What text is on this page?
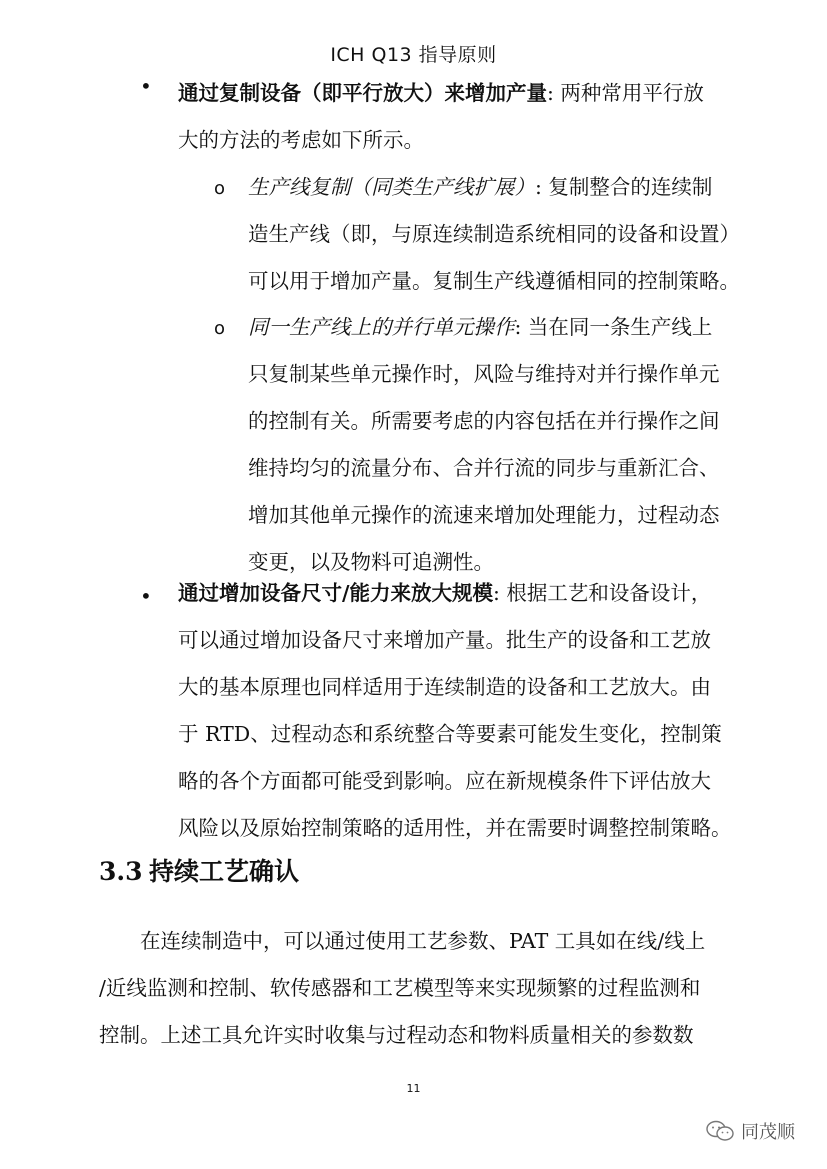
ICH Q13 指导原则
• 通过复制设备（即平行放大）来增加产量: 两种常用平行放
大的方法的考虑如下所示。
o 生产线复制（同类生产线扩展）: 复制整合的连续制
造生产线（即，与原连续制造系统相同的设备和设置）
可以用于增加产量。复制生产线遵循相同的控制策略。
o 同一生产线上的并行单元操作: 当在同一条生产线上
只复制某些单元操作时，风险与维持对并行操作单元
的控制有关。所需要考虑的内容包括在并行操作之间
维持均匀的流量分布、合并行流的同步与重新汇合、
增加其他单元操作的流速来增加处理能力，过程动态
变更，以及物料可追溯性。
• 通过增加设备尺寸/能力来放大规模: 根据工艺和设备设计，
可以通过增加设备尺寸来增加产量。批生产的设备和工艺放
大的基本原理也同样适用于连续制造的设备和工艺放大。由
于 RTD、过程动态和系统整合等要素可能发生变化，控制策
略的各个方面都可能受到影响。应在新规模条件下评估放大
风险以及原始控制策略的适用性，并在需要时调整控制策略。
3.3 持续工艺确认
在连续制造中，可以通过使用工艺参数、PAT 工具如在线/线上
/近线监测和控制、软传感器和工艺模型等来实现频繁的过程监测和
控制。上述工具允许实时收集与过程动态和物料质量相关的参数数
11
同茂顺
